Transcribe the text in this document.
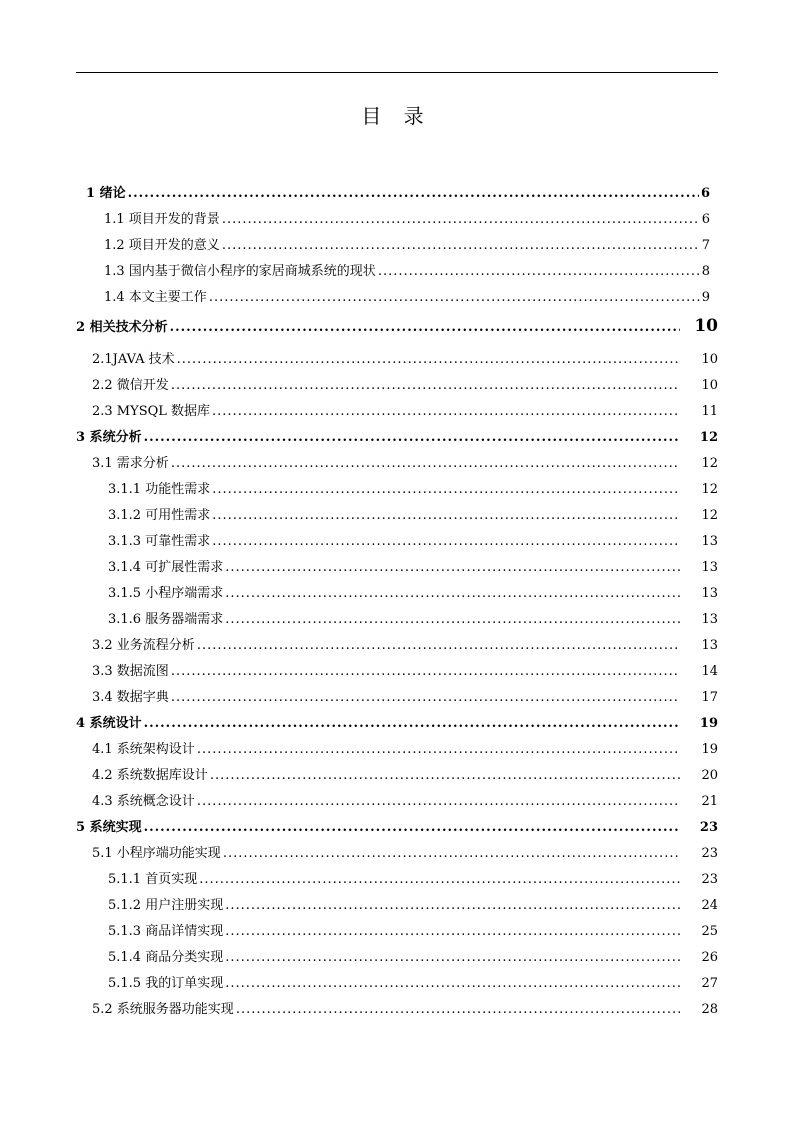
目 录
1 绪论 .....	6
1.1 项目开发的背景 .....	6
1.2 项目开发的意义 .....	7
1.3 国内基于微信小程序的家居商城系统的现状 .....	8
1.4 本文主要工作 .....	9
2 相关技术分析 .....	10
2.1JAVA 技术 .....	10
2.2 微信开发 .....	10
2.3 MYSQL 数据库 .....	11
3 系统分析 .....	12
3.1 需求分析 .....	12
3.1.1 功能性需求 .....	12
3.1.2 可用性需求 .....	12
3.1.3 可靠性需求 .....	13
3.1.4 可扩展性需求 .....	13
3.1.5 小程序端需求 .....	13
3.1.6 服务器端需求 .....	13
3.2 业务流程分析 .....	13
3.3 数据流图 .....	14
3.4 数据字典 .....	17
4 系统设计 .....	19
4.1 系统架构设计 .....	19
4.2 系统数据库设计 .....	20
4.3 系统概念设计 .....	21
5 系统实现 .....	23
5.1 小程序端功能实现 .....	23
5.1.1 首页实现 .....	23
5.1.2 用户注册实现 .....	24
5.1.3 商品详情实现 .....	25
5.1.4 商品分类实现 .....	26
5.1.5 我的订单实现 .....	27
5.2 系统服务器功能实现 .....	28
